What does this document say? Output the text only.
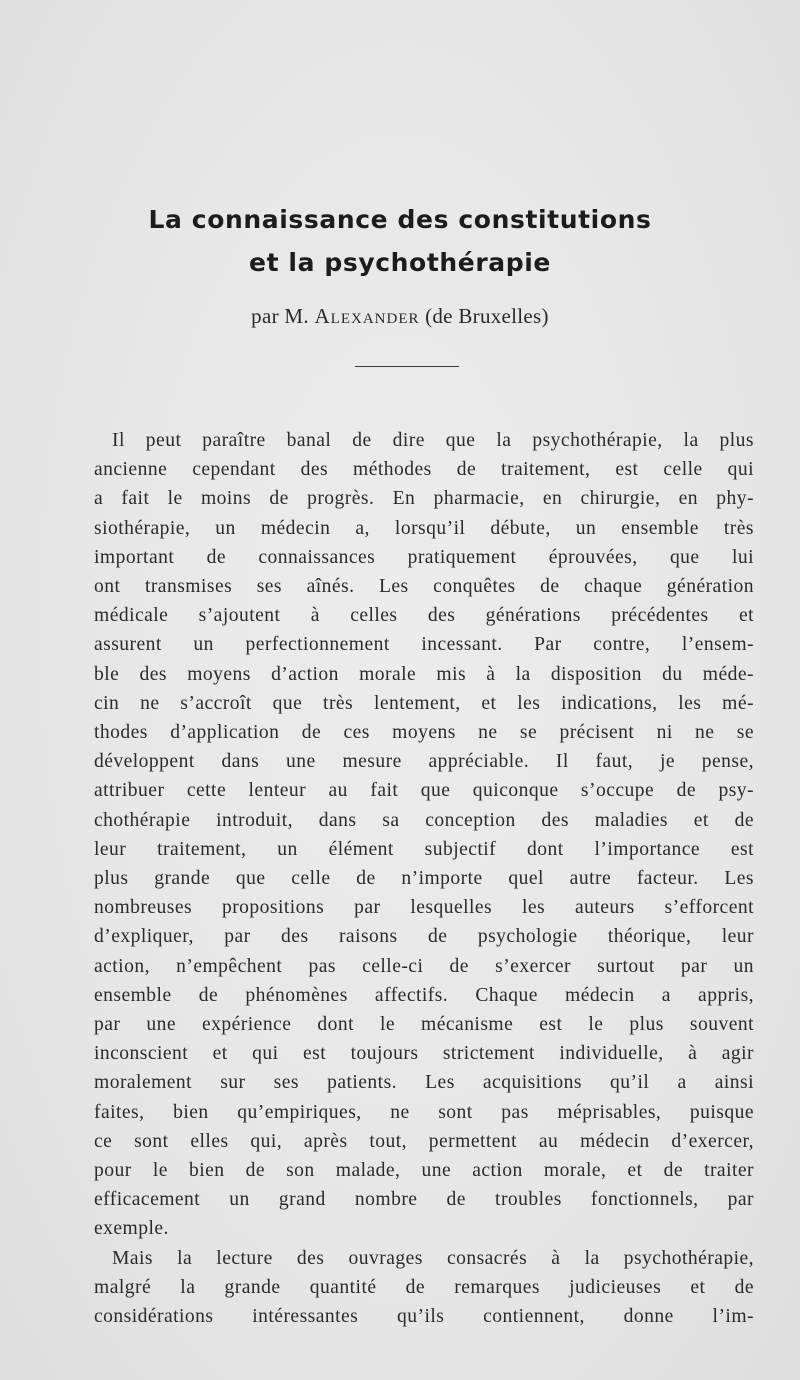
La connaissance des constitutions
et la psychothérapie
par M. Alexander (de Bruxelles)
Il peut paraître banal de dire que la psychothérapie, la plus
ancienne cependant des méthodes de traitement, est celle qui
a fait le moins de progrès. En pharmacie, en chirurgie, en phy-
siothérapie, un médecin a, lorsqu’il débute, un ensemble très
important de connaissances pratiquement éprouvées, que lui
ont transmises ses aînés. Les conquêtes de chaque génération
médicale s’ajoutent à celles des générations précédentes et
assurent un perfectionnement incessant. Par contre, l’ensem-
ble des moyens d’action morale mis à la disposition du méde-
cin ne s’accroît que très lentement, et les indications, les mé-
thodes d’application de ces moyens ne se précisent ni ne se
développent dans une mesure appréciable. Il faut, je pense,
attribuer cette lenteur au fait que quiconque s’occupe de psy-
chothérapie introduit, dans sa conception des maladies et de
leur traitement, un élément subjectif dont l’importance est
plus grande que celle de n’importe quel autre facteur. Les
nombreuses propositions par lesquelles les auteurs s’efforcent
d’expliquer, par des raisons de psychologie théorique, leur
action, n’empêchent pas celle-ci de s’exercer surtout par un
ensemble de phénomènes affectifs. Chaque médecin a appris,
par une expérience dont le mécanisme est le plus souvent
inconscient et qui est toujours strictement individuelle, à agir
moralement sur ses patients. Les acquisitions qu’il a ainsi
faites, bien qu’empiriques, ne sont pas méprisables, puisque
ce sont elles qui, après tout, permettent au médecin d’exercer,
pour le bien de son malade, une action morale, et de traiter
efficacement un grand nombre de troubles fonctionnels, par
exemple.
Mais la lecture des ouvrages consacrés à la psychothérapie,
malgré la grande quantité de remarques judicieuses et de
considérations intéressantes qu’ils contiennent, donne l’im-
